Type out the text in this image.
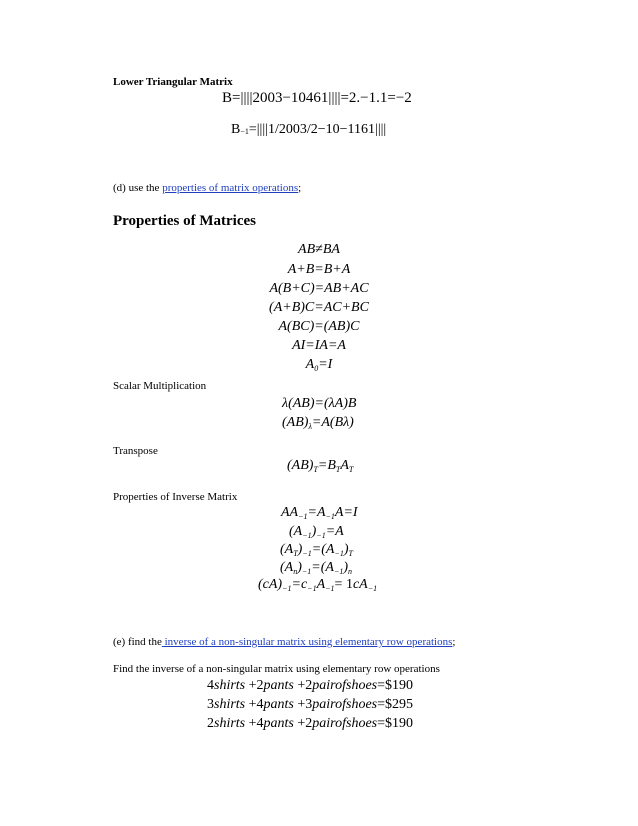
Lower Triangular Matrix
B=||||2003−10461||||=2.−1.1=−2
B−1=||||1/2003/2−10−1161||||
(d) use the properties of matrix operations;
Properties of Matrices
AB≠BA
A+B=B+A
A(B+C)=AB+AC
(A+B)C=AC+BC
A(BC)=(AB)C
AI=IA=A
$A_0=I$
Scalar Multiplication
λ(AB)=(λA)B
$(AB)_\lambda=A(B\lambda)$
Transpose
$(AB)_T=B_TA_T$
Properties of Inverse Matrix
$AA_{-1}=A_{-1}A=I$
$(A_{-1})_{-1}=A$
$(A_T)_{-1}=(A_{-1})_T$
$(A_n)_{-1}=(A_{-1})_n$
$(cA)_{-1}=c_{-1}A_{-1}= 1cA_{-1}$
(e) find the inverse of a non-singular matrix using elementary row operations;
Find the inverse of a non-singular matrix using elementary row operations
4shirts +2pants +2pairofshoes=$190
3shirts +4pants +3pairofshoes=$295
2shirts +4pants +2pairofshoes=$190
